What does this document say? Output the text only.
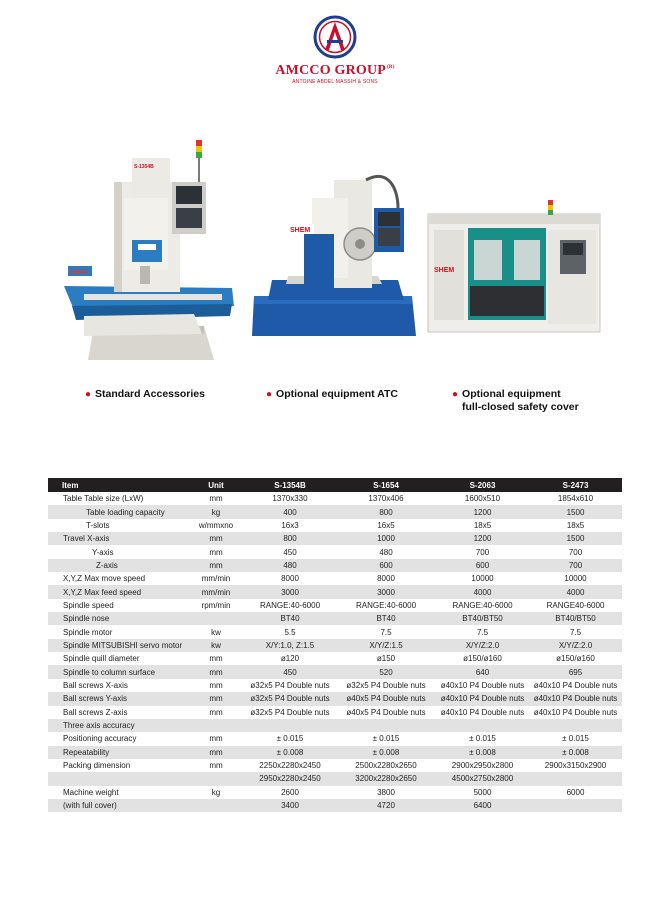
AMCCO $GROUP^{(R)}$
ANTOINE ABDEL MASSIH & SONS
SHEM
S-1354B
SHEM
SHEM
● Standard Accessories	● Optional equipment ATC	● Optional equipment
full-closed safety cover
Item	Unit	S-1354B	S-1654	S-2063	S-2473
Table Table size (LxW)	mm	1370x330	1370x406	1600x510	1854x610
Table loading capacity	kg	400	800	1200	1500
T-slots	w/mmxno	16x3	16x5	18x5	18x5
Travel X-axis	mm	800	1000	1200	1500
Y-axis	mm	450	480	700	700
Z-axis	mm	480	600	600	700
X,Y,Z Max move speed	mm/min	8000	8000	10000	10000
X,Y,Z Max feed speed	mm/min	3000	3000	4000	4000
Spindle speed	rpm/min	RANGE:40-6000	RANGE:40-6000	RANGE:40-6000	RANGE40-6000
Spindle nose		BT40	BT40	BT40/BT50	BT40/BT50
Spindle motor	kw	5.5	7.5	7.5	7.5
Spindle MITSUBISHI servo motor	kw	X/Y:1.0, Z:1.5	X/Y/Z:1.5	X/Y/Z:2.0	X/Y/Z:2.0
Spindle quill diameter	mm	ø120	ø150	ø150/ø160	ø150/ø160
Spindle to column surface	mm	450	520	640	695
Ball screws X-axis	mm	ø32x5 P4 Double nuts	ø32x5 P4 Double nuts	ø40x10 P4 Double nuts	ø40x10 P4 Double nuts
Ball screws Y-axis	mm	ø32x5 P4 Double nuts	ø40x5 P4 Double nuts	ø40x10 P4 Double nuts	ø40x10 P4 Double nuts
Ball screws Z-axis	mm	ø32x5 P4 Double nuts	ø40x5 P4 Double nuts	ø40x10 P4 Double nuts	ø40x10 P4 Double nuts
Three axis accuracy					
Positioning accuracy	mm	± 0.015	± 0.015	± 0.015	± 0.015
Repeatability	mm	± 0.008	± 0.008	± 0.008	± 0.008
Packing dimension	mm	2250x2280x2450	2500x2280x2650	2900x2950x2800	2900x3150x2900
		2950x2280x2450	3200x2280x2650	4500x2750x2800	
Machine weight	kg	2600	3800	5000	6000
(with full cover)		3400	4720	6400	
